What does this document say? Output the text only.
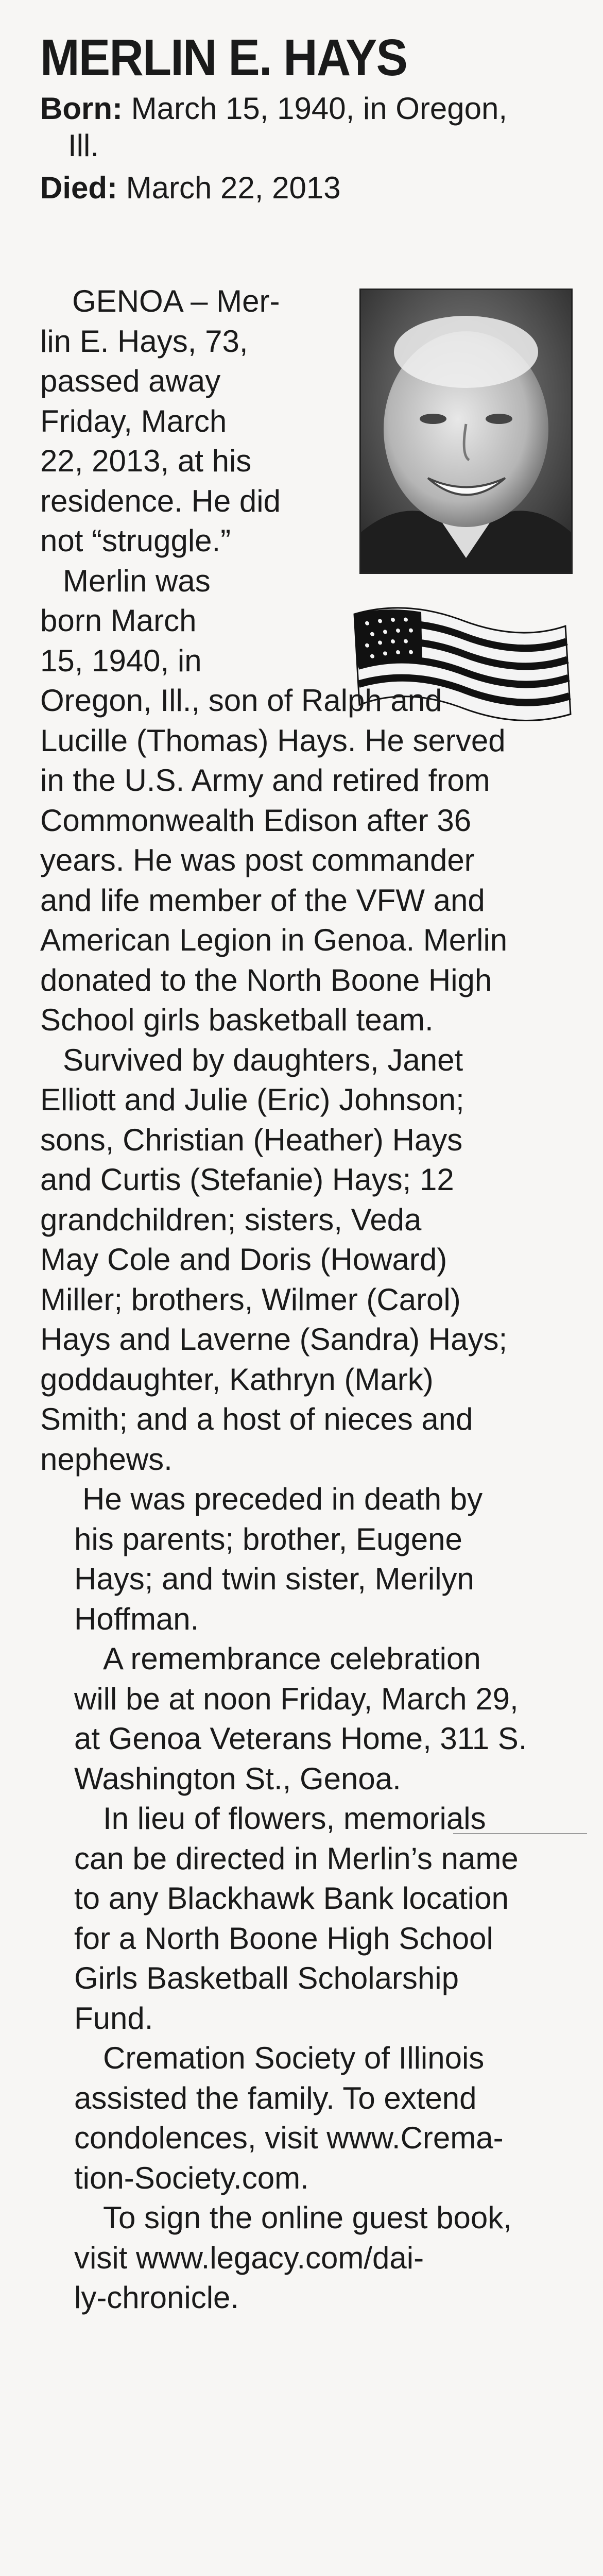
MERLIN E. HAYS
Born: March 15, 1940, in Oregon,
Ill.
Died: March 22, 2013
GENOA – Mer-
lin E. Hays, 73,
passed away
Friday, March
22, 2013, at his
residence. He did
not “struggle.”
Merlin was
born March
15, 1940, in
Oregon, Ill., son of Ralph and
Lucille (Thomas) Hays. He served
in the U.S. Army and retired from
Commonwealth Edison after 36
years. He was post commander
and life member of the VFW and
American Legion in Genoa. Merlin
donated to the North Boone High
School girls basketball team.
Survived by daughters, Janet
Elliott and Julie (Eric) Johnson;
sons, Christian (Heather) Hays
and Curtis (Stefanie) Hays; 12
grandchildren; sisters, Veda
May Cole and Doris (Howard)
Miller; brothers, Wilmer (Carol)
Hays and Laverne (Sandra) Hays;
goddaughter, Kathryn (Mark)
Smith; and a host of nieces and
nephews.
He was preceded in death by
his parents; brother, Eugene
Hays; and twin sister, Merilyn
Hoffman.
A remembrance celebration
will be at noon Friday, March 29,
at Genoa Veterans Home, 311 S.
Washington St., Genoa.
In lieu of flowers, memorials
can be directed in Merlin’s name
to any Blackhawk Bank location
for a North Boone High School
Girls Basketball Scholarship
Fund.
Cremation Society of Illinois
assisted the family. To extend
condolences, visit www.Crema-
tion-Society.com.
To sign the online guest book,
visit www.legacy.com/dai-
ly-chronicle.
